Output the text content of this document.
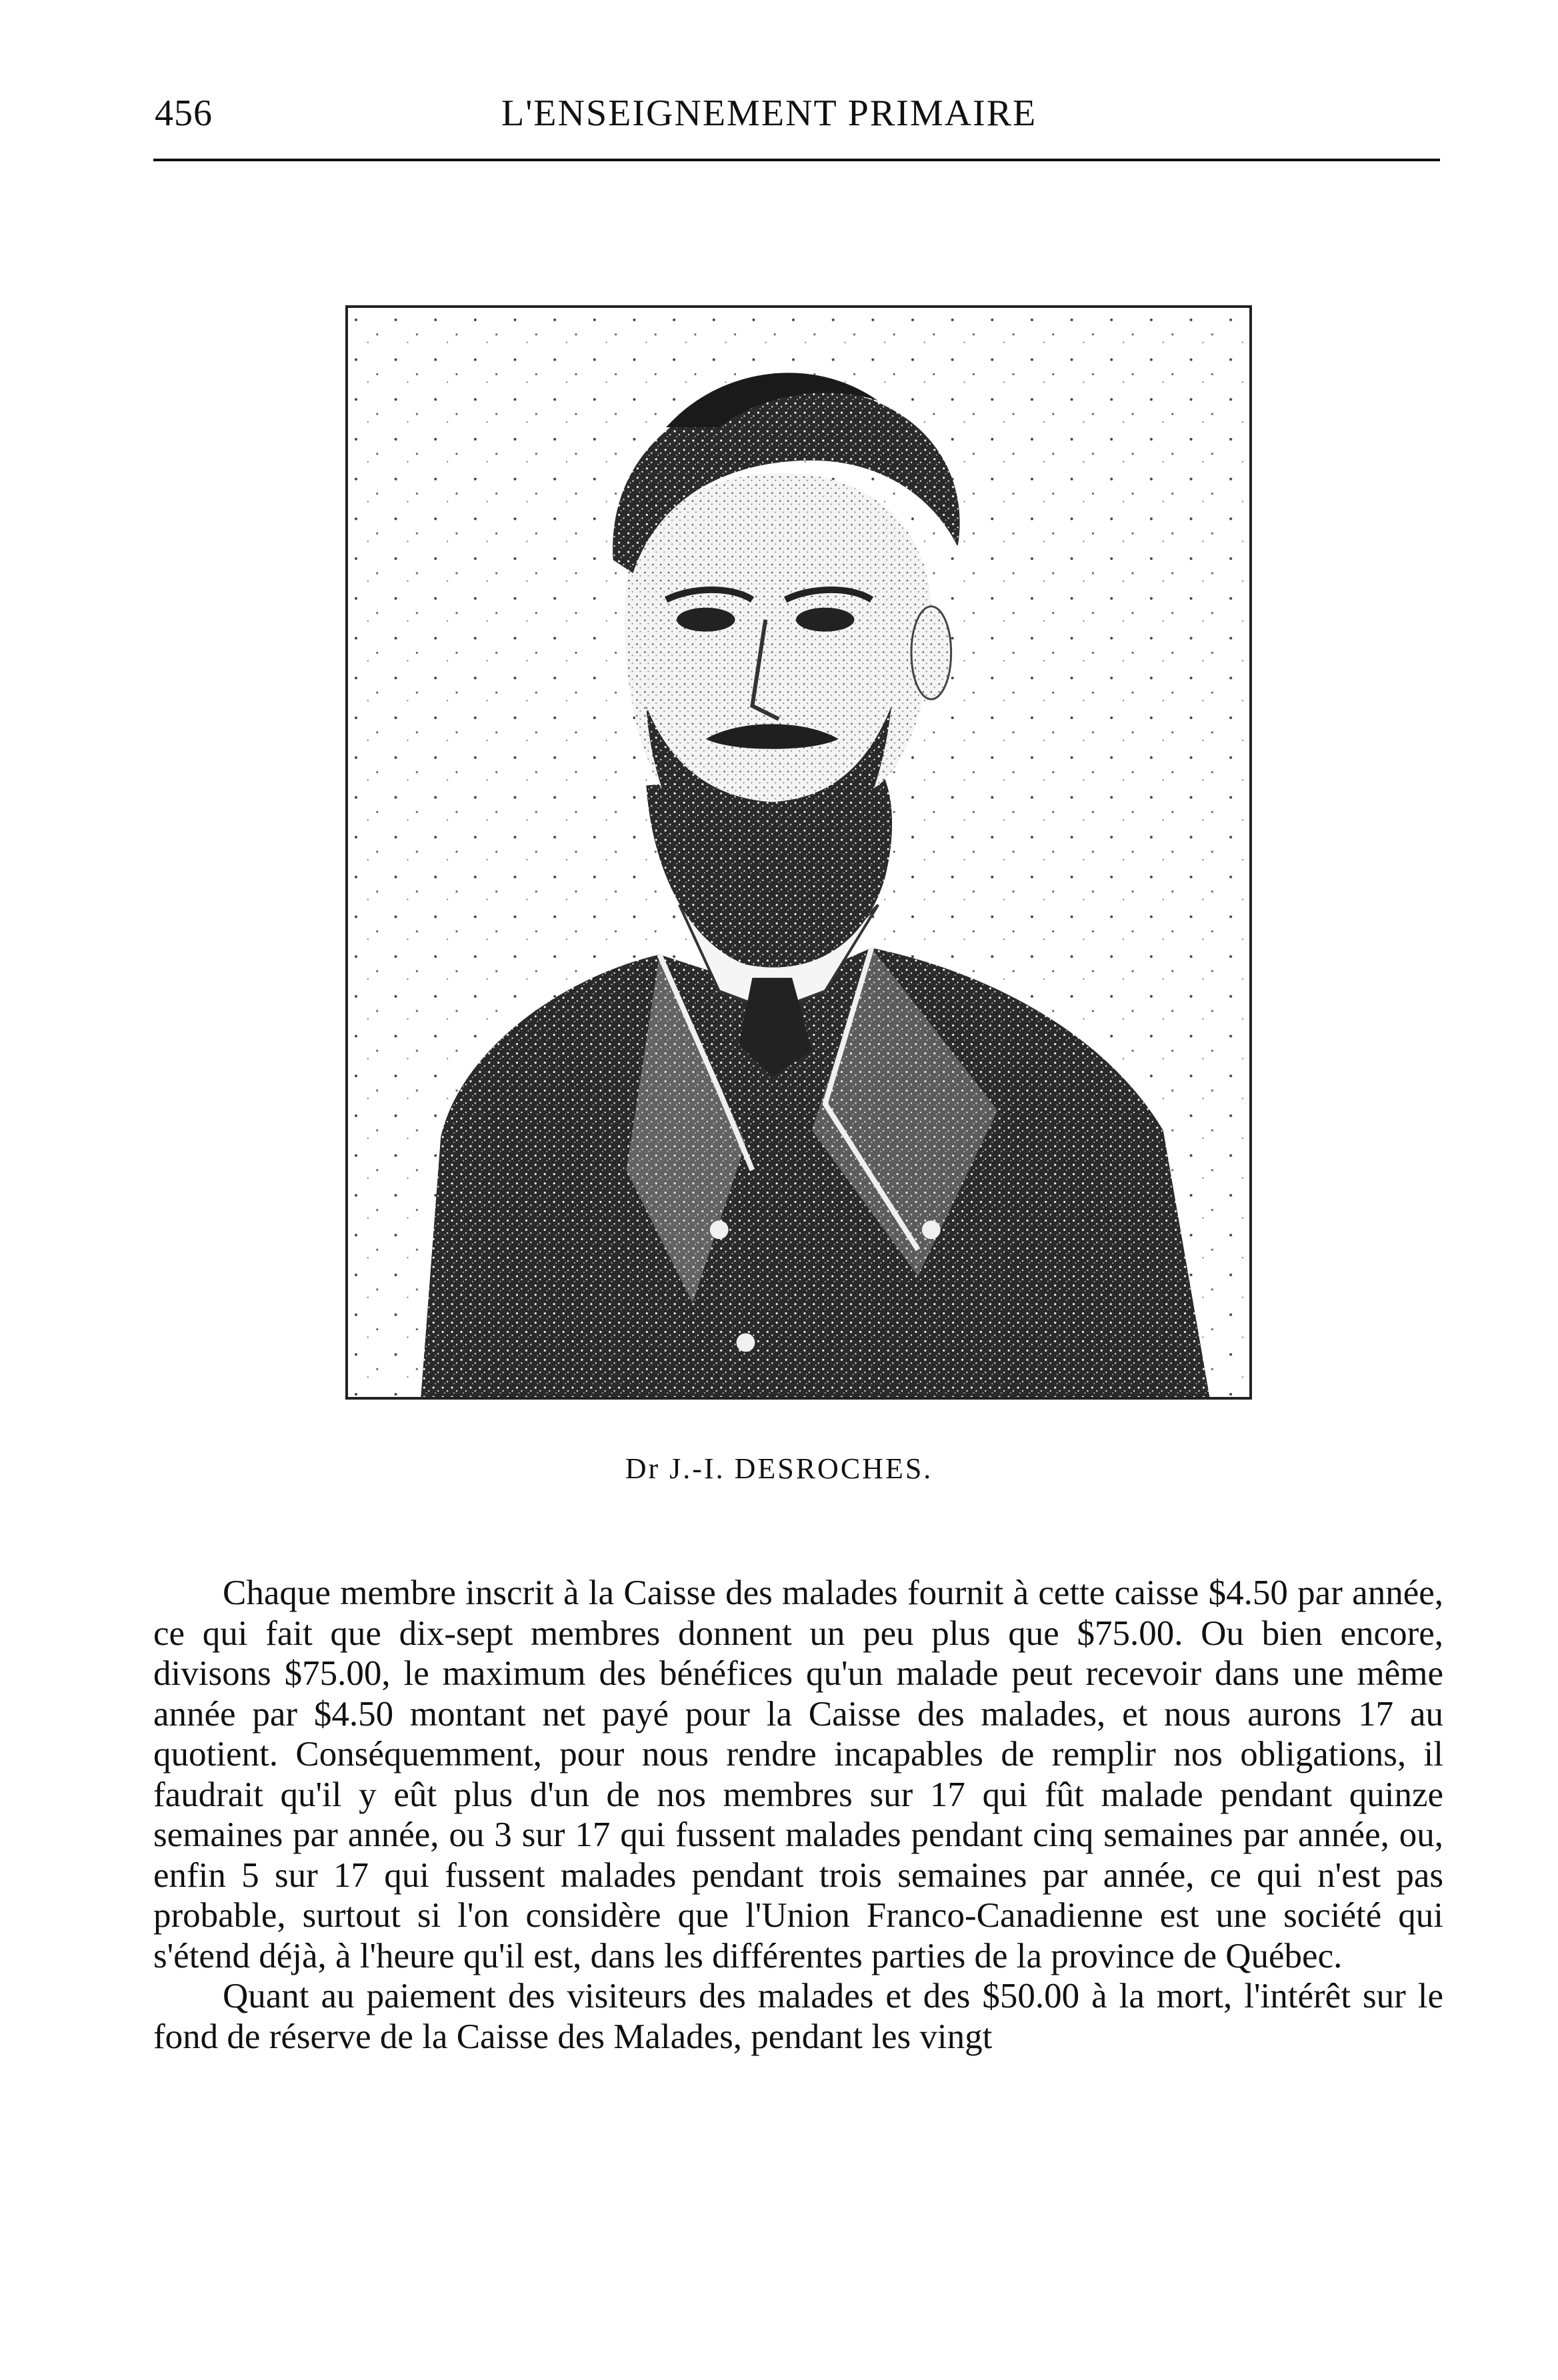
456	L'ENSEIGNEMENT PRIMAIRE
Dr J.-I. DESROCHES.

Chaque membre inscrit à la Caisse des malades fournit à cette caisse $4.50 par année, ce qui fait que dix-sept membres donnent un peu plus que $75.00. Ou bien encore, divisons $75.00, le maximum des bénéfices qu'un malade peut recevoir dans une même année par $4.50 montant net payé pour la Caisse des malades, et nous aurons 17 au quotient. Conséquemment, pour nous rendre incapables de remplir nos obligations, il faudrait qu'il y eût plus d'un de nos membres sur 17 qui fût malade pendant quinze semaines par année, ou 3 sur 17 qui fussent malades pendant cinq semaines par année, ou, enfin 5 sur 17 qui fussent malades pendant trois semaines par année, ce qui n'est pas probable, surtout si l'on considère que l'Union Franco-Canadienne est une société qui s'étend déjà, à l'heure qu'il est, dans les différentes parties de la province de Québec.

Quant au paiement des visiteurs des malades et des $50.00 à la mort, l'intérêt sur le fond de réserve de la Caisse des Malades, pendant les vingt
